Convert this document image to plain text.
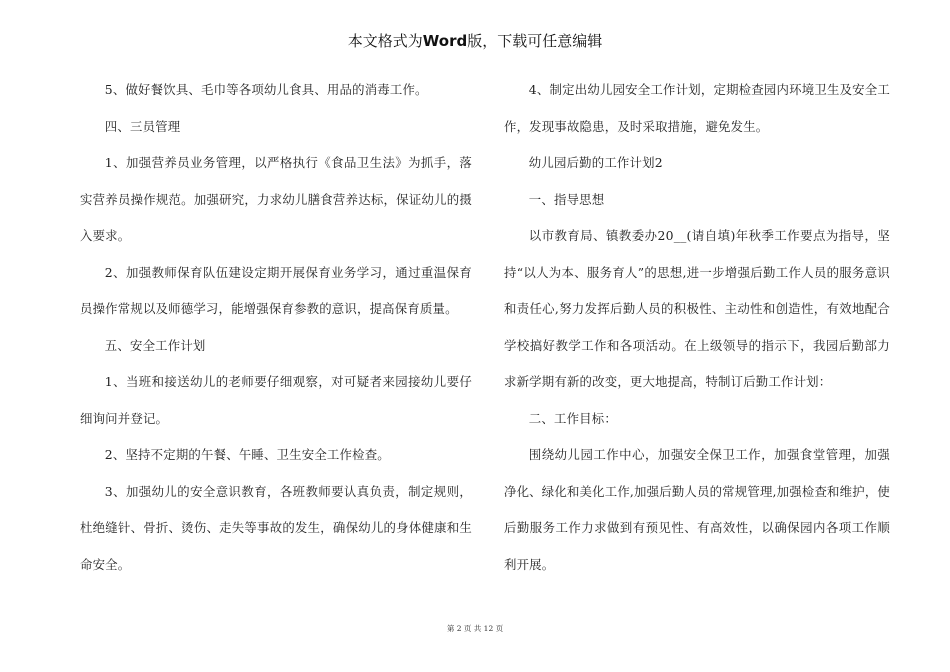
本文格式为Word版，下载可任意编辑

5、做好餐饮具、毛巾等各项幼儿食具、用品的消毒工作。

四、三员管理

1、加强营养员业务管理，以严格执行《食品卫生法》为抓手，落实营养员操作规范。加强研究，力求幼儿膳食营养达标，保证幼儿的摄入要求。

2、加强教师保育队伍建设定期开展保育业务学习，通过重温保育员操作常规以及师德学习，能增强保育参教的意识，提高保育质量。

五、安全工作计划

1、当班和接送幼儿的老师要仔细观察，对可疑者来园接幼儿要仔细询问并登记。

2、坚持不定期的午餐、午睡、卫生安全工作检查。

3、加强幼儿的安全意识教育，各班教师要认真负责，制定规则，杜绝缝针、骨折、烫伤、走失等事故的发生，确保幼儿的身体健康和生命安全。

4、制定出幼儿园安全工作计划，定期检查园内环境卫生及安全工作，发现事故隐患，及时采取措施，避免发生。

幼儿园后勤的工作计划2

一、指导思想

以市教育局、镇教委办20__(请自填)年秋季工作要点为指导，坚持“以人为本、服务育人”的思想,进一步增强后勤工作人员的服务意识和责任心,努力发挥后勤人员的积极性、主动性和创造性，有效地配合学校搞好教学工作和各项活动。在上级领导的指示下，我园后勤部力求新学期有新的改变，更大地提高，特制订后勤工作计划：

二、工作目标：

围绕幼儿园工作中心，加强安全保卫工作，加强食堂管理，加强净化、绿化和美化工作,加强后勤人员的常规管理,加强检查和维护，使后勤服务工作力求做到有预见性、有高效性，以确保园内各项工作顺利开展。

第 2 页 共 12 页
